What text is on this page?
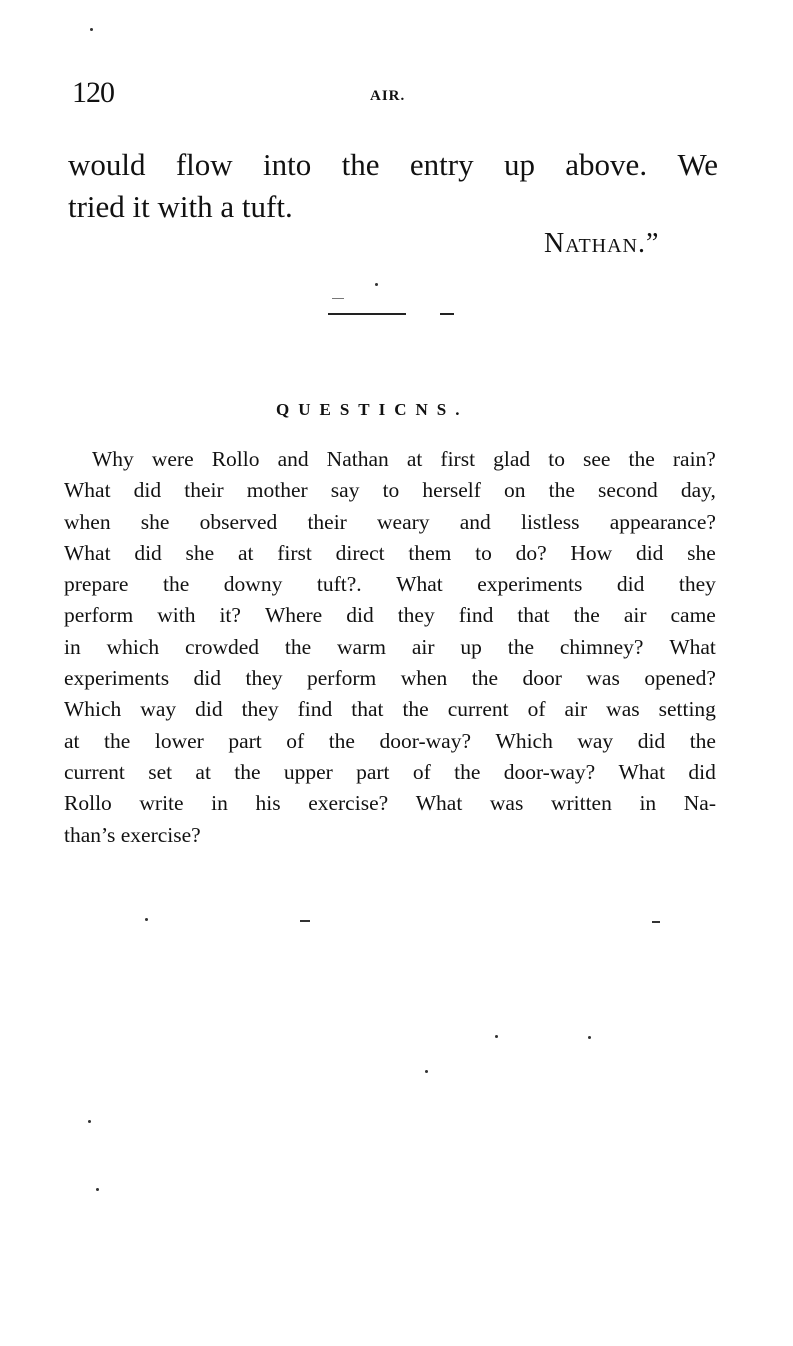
120	AIR.
would flow into the entry up above. We
tried it with a tuft.
Nathan.”
QUESTICNS.
Why were Rollo and Nathan at first glad to see the rain?
What did their mother say to herself on the second day,
when she observed their weary and listless appearance?
What did she at first direct them to do? How did she
prepare the downy tuft?. What experiments did they
perform with it? Where did they find that the air came
in which crowded the warm air up the chimney? What
experiments did they perform when the door was opened?
Which way did they find that the current of air was setting
at the lower part of the door-way? Which way did the
current set at the upper part of the door-way? What did
Rollo write in his exercise? What was written in Na-
than’s exercise?
